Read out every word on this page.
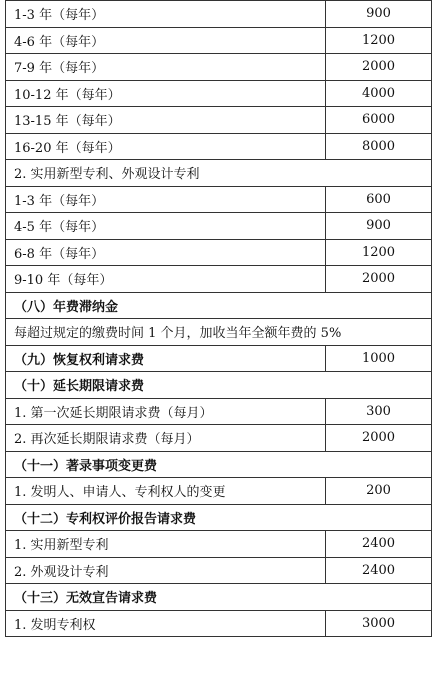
1-3 年（每年）	900
4-6 年（每年）	1200
7-9 年（每年）	2000
10-12 年（每年）	4000
13-15 年（每年）	6000
16-20 年（每年）	8000
2. 实用新型专利、外观设计专利	
1-3 年（每年）	600
4-5 年（每年）	900
6-8 年（每年）	1200
9-10 年（每年）	2000
（八）年费滞纳金	
每超过规定的缴费时间 1 个月，加收当年全额年费的 5%	
（九）恢复权利请求费	1000
（十）延长期限请求费	
1. 第一次延长期限请求费（每月）	300
2. 再次延长期限请求费（每月）	2000
（十一）著录事项变更费	
1. 发明人、申请人、专利权人的变更	200
（十二）专利权评价报告请求费	
1. 实用新型专利	2400
2. 外观设计专利	2400
（十三）无效宣告请求费	
1. 发明专利权	3000
